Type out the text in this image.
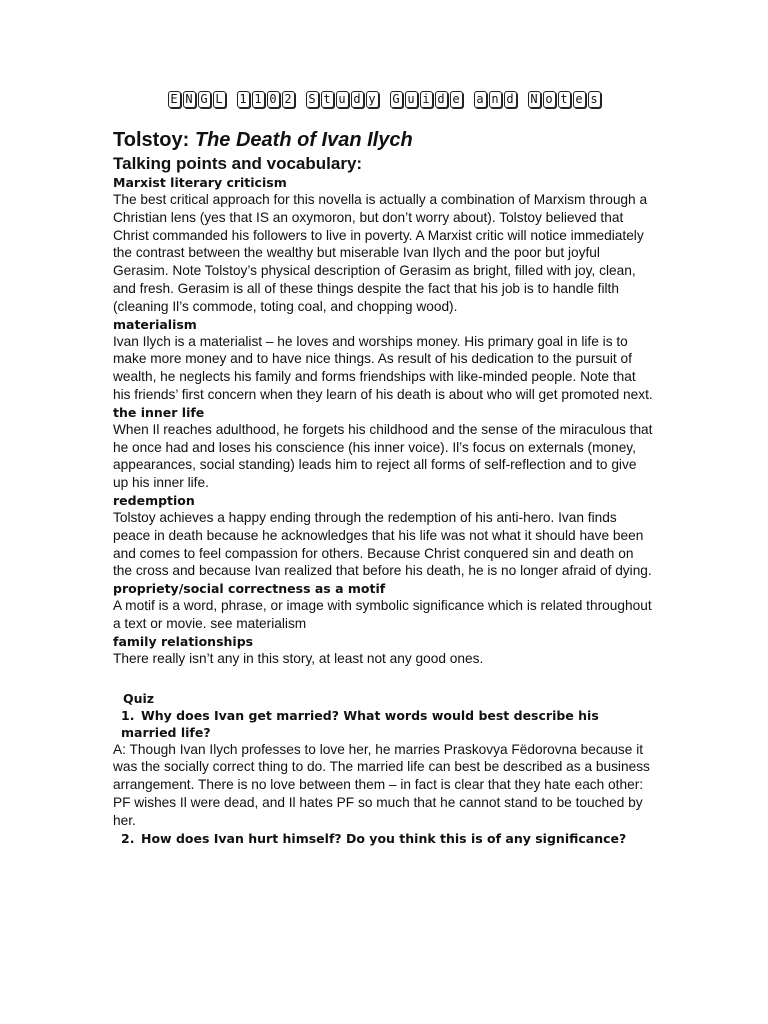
E N G L 1 1 0 2 S t u d y G u i d e a n d N o t e s
Tolstoy: The Death of Ivan Ilych
Talking points and vocabulary:

Marxist literary criticism

The best critical approach for this novella is actually a combination of Marxism through a Christian lens (yes that IS an oxymoron, but don’t worry about). Tolstoy believed that Christ commanded his followers to live in poverty. A Marxist critic will notice immediately the contrast between the wealthy but miserable Ivan Ilych and the poor but joyful Gerasim. Note Tolstoy’s physical description of Gerasim as bright, filled with joy, clean, and fresh. Gerasim is all of these things despite the fact that his job is to handle filth (cleaning Il’s commode, toting coal, and chopping wood).

materialism

Ivan Ilych is a materialist – he loves and worships money. His primary goal in life is to make more money and to have nice things. As result of his dedication to the pursuit of wealth, he neglects his family and forms friendships with like-minded people. Note that his friends’ first concern when they learn of his death is about who will get promoted next.

the inner life

When Il reaches adulthood, he forgets his childhood and the sense of the miraculous that he once had and loses his conscience (his inner voice). Il’s focus on externals (money, appearances, social standing) leads him to reject all forms of self-reflection and to give up his inner life.

redemption

Tolstoy achieves a happy ending through the redemption of his anti-hero. Ivan finds peace in death because he acknowledges that his life was not what it should have been and comes to feel compassion for others. Because Christ conquered sin and death on the cross and because Ivan realized that before his death, he is no longer afraid of dying.

propriety/social correctness as a motif

A motif is a word, phrase, or image with symbolic significance which is related throughout a text or movie. see materialism

family relationships

There really isn’t any in this story, at least not any good ones.

Quiz

1. Why does Ivan get married? What words would best describe his married life?

A: Though Ivan Ilych professes to love her, he marries Praskovya Fëdorovna because it was the socially correct thing to do. The married life can best be described as a business arrangement. There is no love between them – in fact is clear that they hate each other: PF wishes Il were dead, and Il hates PF so much that he cannot stand to be touched by her.

2. How does Ivan hurt himself? Do you think this is of any significance?
